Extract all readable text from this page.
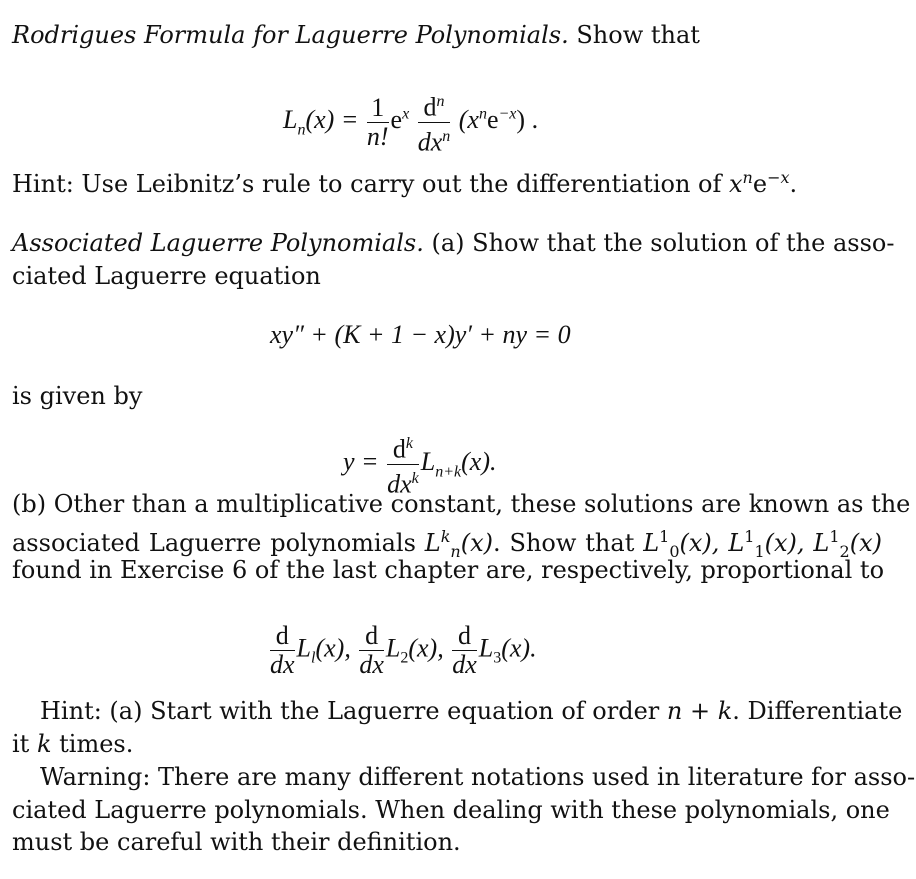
Rodrigues Formula for Laguerre Polynomials. Show that
$L_n(x) = \frac{1}{n!} e^x \frac{d^n}{dx^n} (x^ne^{-x})$ .
Hint: Use Leibnitz’s rule to carry out the differentiation of $x^ne^{-x}$.
Associated Laguerre Polynomials. (a) Show that the solution of the asso-
ciated Laguerre equation
xy″ + (K + 1 − x)y′ + ny = 0
is given by
$y = \frac{d^k}{dx^k} L_{n+k}(x)$.
(b) Other than a multiplicative constant, these solutions are known as the
associated Laguerre polynomials $L^k_n(x)$. Show that $L^1_0(x)$, $L^1_1(x)$, $L^1_2(x)$
found in Exercise 6 of the last chapter are, respectively, proportional to
$\frac{d}{dx} L_l(x)$, $\frac{d}{dx} L_2(x)$, $\frac{d}{dx} L_3(x)$.
Hint: (a) Start with the Laguerre equation of order n + k. Differentiate
it k times.
Warning: There are many different notations used in literature for asso-
ciated Laguerre polynomials. When dealing with these polynomials, one
must be careful with their definition.
